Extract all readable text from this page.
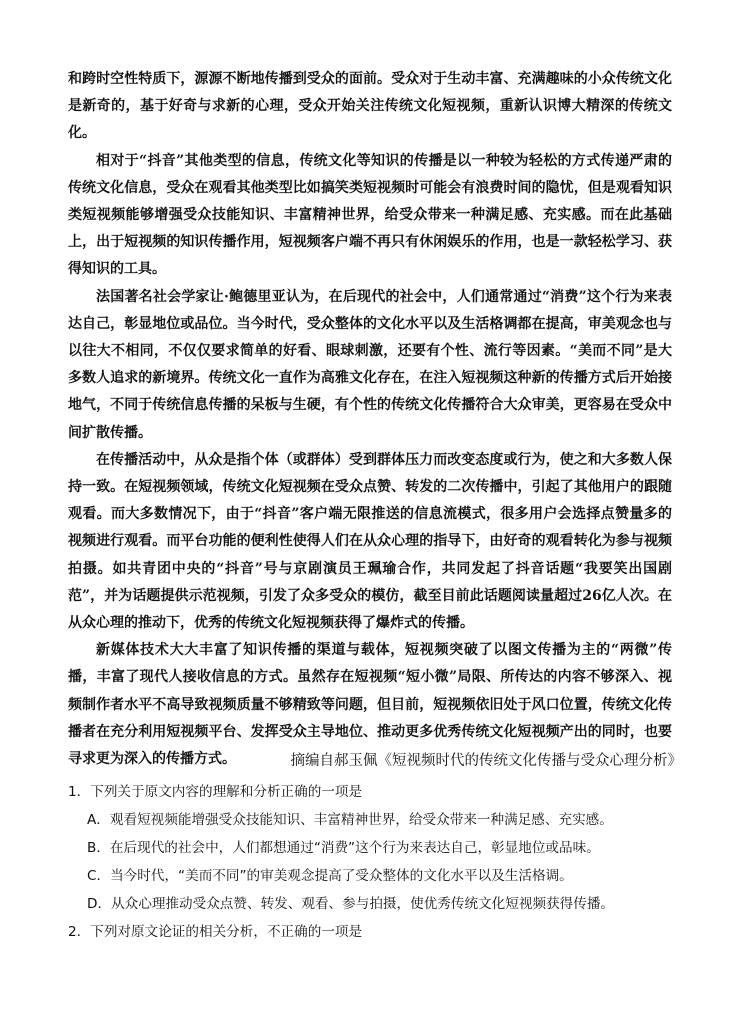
和跨时空性特质下，源源不断地传播到受众的面前。受众对于生动丰富、充满趣味的小众传统文化是新奇的，基于好奇与求新的心理，受众开始关注传统文化短视频，重新认识博大精深的传统文化。

相对于“抖音”其他类型的信息，传统文化等知识的传播是以一种较为轻松的方式传递严肃的传统文化信息，受众在观看其他类型比如搞笑类短视频时可能会有浪费时间的隐忧，但是观看知识类短视频能够增强受众技能知识、丰富精神世界，给受众带来一种满足感、充实感。而在此基础上，出于短视频的知识传播作用，短视频客户端不再只有休闲娱乐的作用，也是一款轻松学习、获得知识的工具。

法国著名社会学家让·鲍德里亚认为，在后现代的社会中，人们通常通过“消费”这个行为来表达自己，彰显地位或品位。当今时代，受众整体的文化水平以及生活格调都在提高，审美观念也与以往大不相同，不仅仅要求简单的好看、眼球刺激，还要有个性、流行等因素。“美而不同”是大多数人追求的新境界。传统文化一直作为高雅文化存在，在注入短视频这种新的传播方式后开始接地气，不同于传统信息传播的呆板与生硬，有个性的传统文化传播符合大众审美，更容易在受众中间扩散传播。

在传播活动中，从众是指个体（或群体）受到群体压力而改变态度或行为，使之和大多数人保持一致。在短视频领域，传统文化短视频在受众点赞、转发的二次传播中，引起了其他用户的跟随观看。而大多数情况下，由于“抖音”客户端无限推送的信息流模式，很多用户会选择点赞量多的视频进行观看。而平台功能的便利性使得人们在从众心理的指导下，由好奇的观看转化为参与视频拍摄。如共青团中央的“抖音”号与京剧演员王珮瑜合作，共同发起了抖音话题“我要笑出国剧范”，并为话题提供示范视频，引发了众多受众的模仿，截至目前此话题阅读量超过26亿人次。在从众心理的推动下，优秀的传统文化短视频获得了爆炸式的传播。

新媒体技术大大丰富了知识传播的渠道与载体，短视频突破了以图文传播为主的“两微”传播，丰富了现代人接收信息的方式。虽然存在短视频“短小微”局限、所传达的内容不够深入、视频制作者水平不高导致视频质量不够精致等问题，但目前，短视频依旧处于风口位置，传统文化传播者在充分利用短视频平台、发挥受众主导地位、推动更多优秀传统文化短视频产出的同时，也要寻求更为深入的传播方式。	摘编自郝玉佩《短视频时代的传统文化传播与受众心理分析》
1．下列关于原文内容的理解和分析正确的一项是
A．观看短视频能增强受众技能知识、丰富精神世界，给受众带来一种满足感、充实感。
B．在后现代的社会中，人们都想通过“消费”这个行为来表达自己，彰显地位或品味。
C．当今时代，“美而不同”的审美观念提高了受众整体的文化水平以及生活格调。
D．从众心理推动受众点赞、转发、观看、参与拍摄，使优秀传统文化短视频获得传播。
2．下列对原文论证的相关分析，不正确的一项是
